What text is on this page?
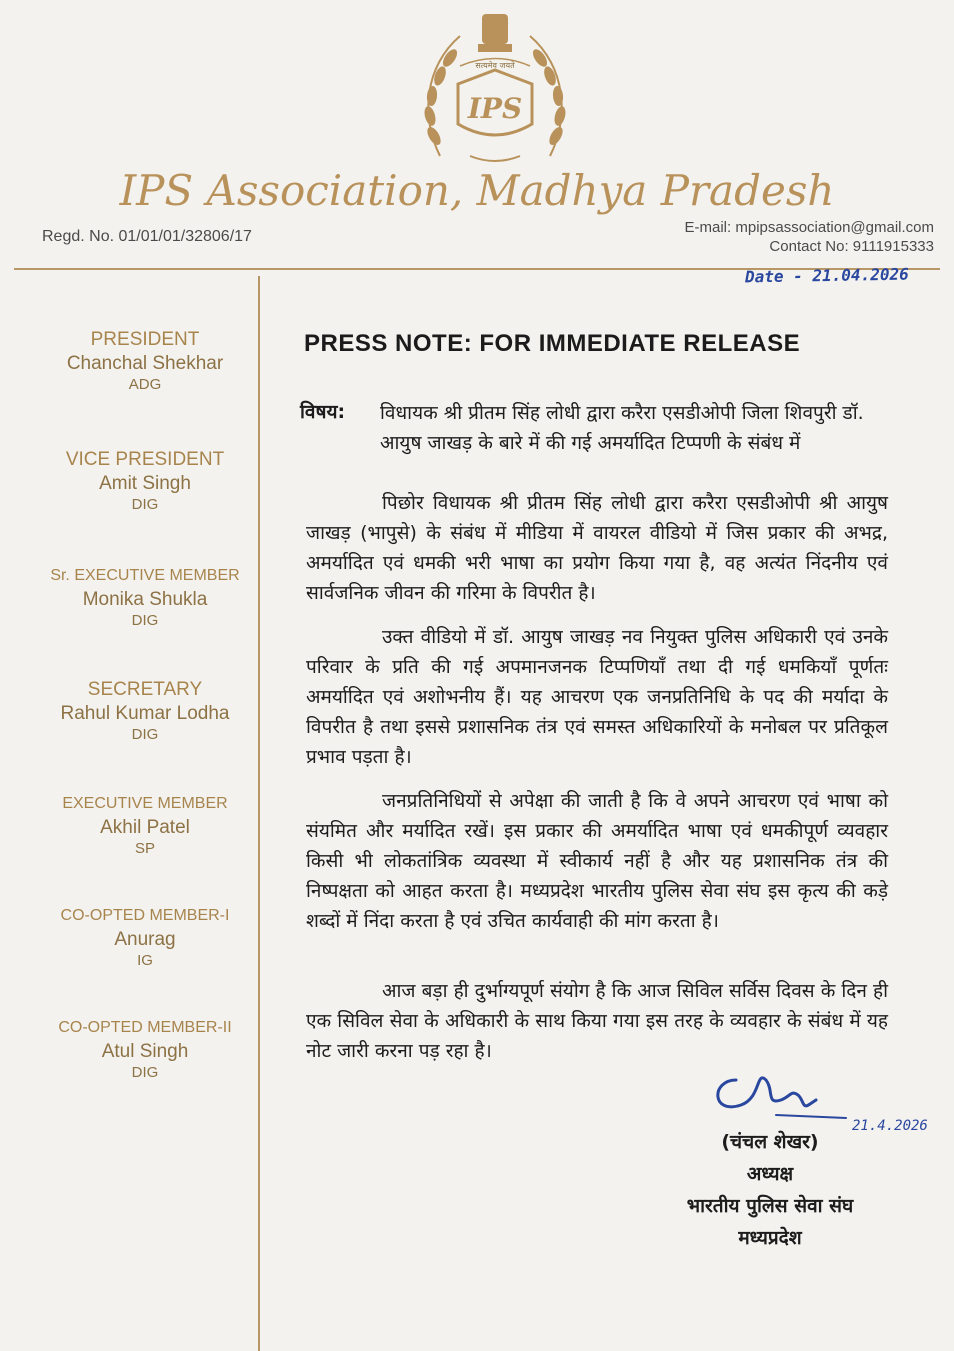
सत्यमेव जयते
IPS
IPS Association, Madhya Pradesh
Regd. No. 01/01/01/32806/17
E-mail: mpipsassociation@gmail.com
Contact No: 9111915333
Date - 21.04.2026
PRESIDENT
Chanchal Shekhar
ADG
VICE PRESIDENT
Amit Singh
DIG
Sr. EXECUTIVE MEMBER
Monika Shukla
DIG
SECRETARY
Rahul Kumar Lodha
DIG
EXECUTIVE MEMBER
Akhil Patel
SP
CO-OPTED MEMBER-I
Anurag
IG
CO-OPTED MEMBER-II
Atul Singh
DIG
PRESS NOTE: FOR IMMEDIATE RELEASE
विषय: विधायक श्री प्रीतम सिंह लोधी द्वारा करैरा एसडीओपी जिला शिवपुरी डॉ. आयुष जाखड़ के बारे में की गई अमर्यादित टिप्पणी के संबंध में
पिछोर विधायक श्री प्रीतम सिंह लोधी द्वारा करैरा एसडीओपी श्री आयुष जाखड़ (भापुसे) के संबंध में मीडिया में वायरल वीडियो में जिस प्रकार की अभद्र, अमर्यादित एवं धमकी भरी भाषा का प्रयोग किया गया है, वह अत्यंत निंदनीय एवं सार्वजनिक जीवन की गरिमा के विपरीत है।
उक्त वीडियो में डॉ. आयुष जाखड़ नव नियुक्त पुलिस अधिकारी एवं उनके परिवार के प्रति की गई अपमानजनक टिप्पणियाँ तथा दी गई धमकियाँ पूर्णतः अमर्यादित एवं अशोभनीय हैं। यह आचरण एक जनप्रतिनिधि के पद की मर्यादा के विपरीत है तथा इससे प्रशासनिक तंत्र एवं समस्त अधिकारियों के मनोबल पर प्रतिकूल प्रभाव पड़ता है।
जनप्रतिनिधियों से अपेक्षा की जाती है कि वे अपने आचरण एवं भाषा को संयमित और मर्यादित रखें। इस प्रकार की अमर्यादित भाषा एवं धमकीपूर्ण व्यवहार किसी भी लोकतांत्रिक व्यवस्था में स्वीकार्य नहीं है और यह प्रशासनिक तंत्र की निष्पक्षता को आहत करता है। मध्यप्रदेश भारतीय पुलिस सेवा संघ इस कृत्य की कड़े शब्दों में निंदा करता है एवं उचित कार्यवाही की मांग करता है।
आज बड़ा ही दुर्भाग्यपूर्ण संयोग है कि आज सिविल सर्विस दिवस के दिन ही एक सिविल सेवा के अधिकारी के साथ किया गया इस तरह के व्यवहार के संबंध में यह नोट जारी करना पड़ रहा है।
21.4.2026
(चंचल शेखर)
अध्यक्ष
भारतीय पुलिस सेवा संघ
मध्यप्रदेश
